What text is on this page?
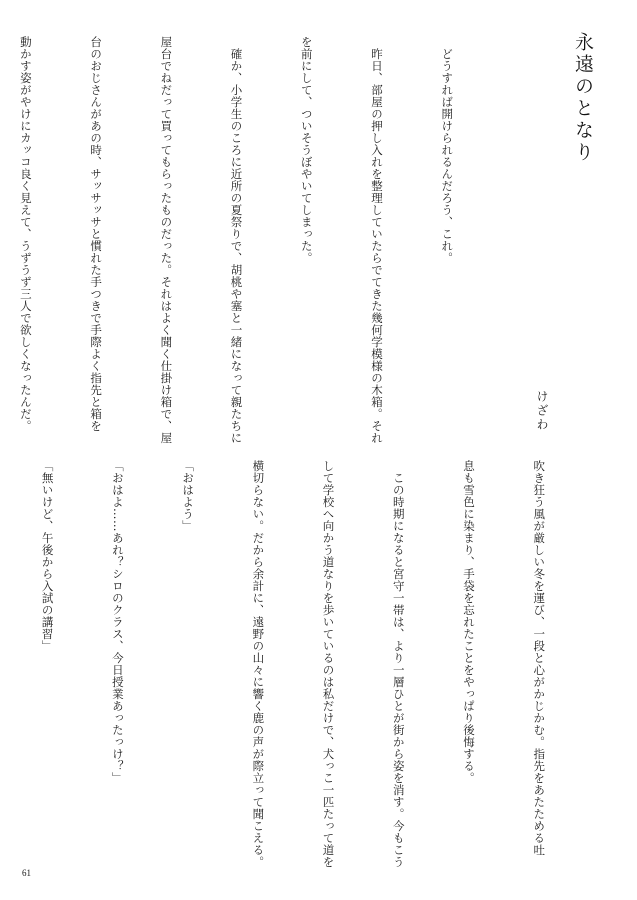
永遠のとなり
けざわ

どうすれば開けられるんだろう、これ。

昨日、部屋の押し入れを整理していたらでてきた幾何学模様の木箱。それ

を前にして、ついそうぼやいてしまった。

確か、小学生のころに近所の夏祭りで、胡桃や塞と一緒になって親たちに

屋台でねだって買ってもらったものだった。それはよく聞く仕掛け箱で、屋

台のおじさんがあの時、サッサッサと慣れた手つきで手際よく指先と箱を

動かす姿がやけにカッコ良く見えて、うずうず三人で欲しくなったんだ。

吹き狂う風が厳しい冬を運び、一段と心がかじかむ。指先をあたためる吐

息も雪色に染まり、手袋を忘れたことをやっぱり後悔する。

この時期になると宮守一帯は、より一層ひとが街から姿を消す。今もこう

して学校へ向かう道なりを歩いているのは私だけで、犬っこ一匹たって道を

横切らない。だから余計に、遠野の山々に響く鹿の声が際立って聞こえる。

「おはよう」

「おはよ……あれ？シロのクラス、今日授業あったっけ？」

「無いけど、午後から入試の講習」

61
